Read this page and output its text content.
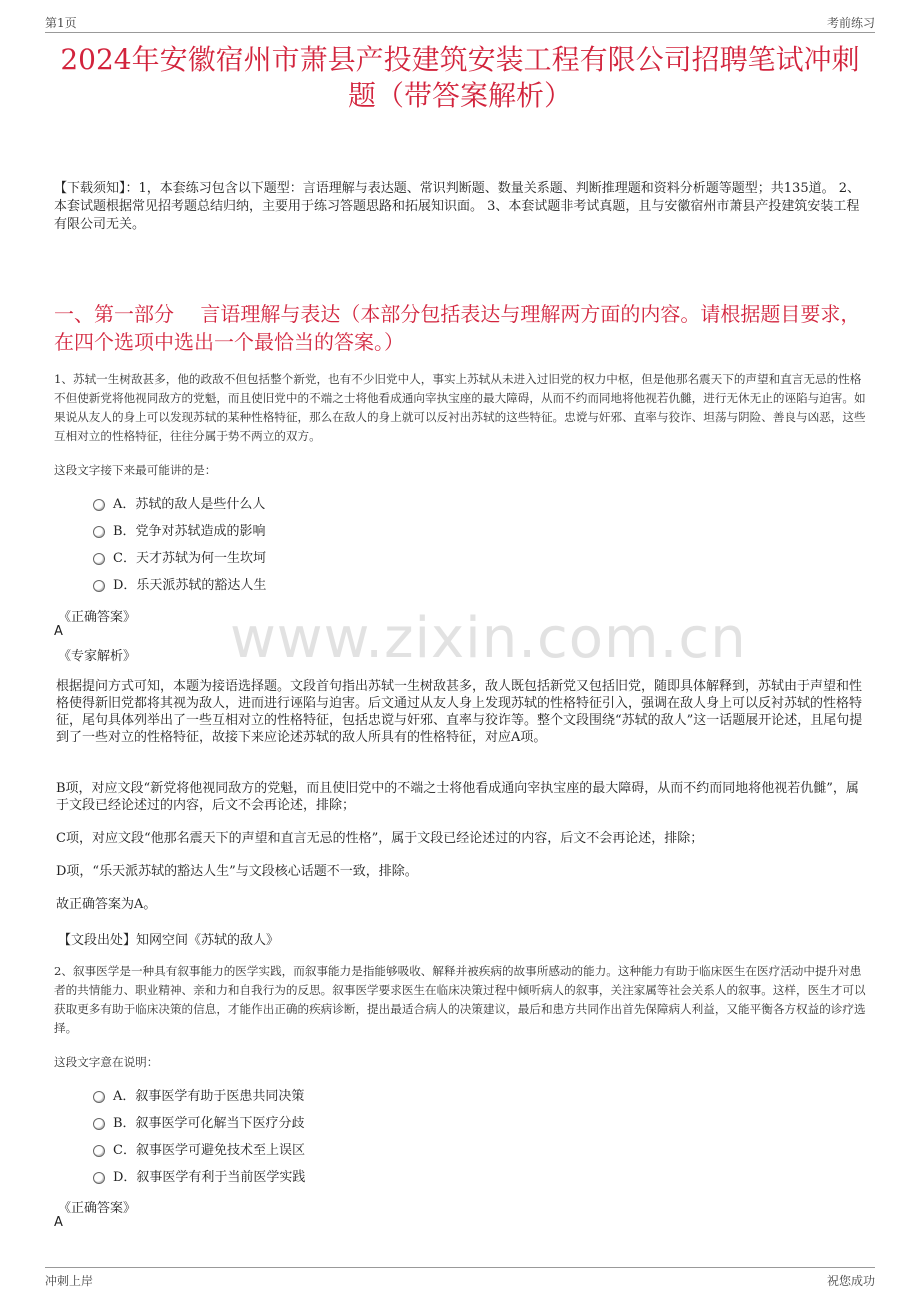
第1页	考前练习
2024年安徽宿州市萧县产投建筑安装工程有限公司招聘笔试冲刺题（带答案解析）
【下载须知】：1，本套练习包含以下题型：言语理解与表达题、常识判断题、数量关系题、判断推理题和资料分析题等题型；共135道。 2、本套试题根据常见招考题总结归纳，主要用于练习答题思路和拓展知识面。 3、本套试题非考试真题，且与安徽宿州市萧县产投建筑安装工程有限公司无关。
一、第一部分　 言语理解与表达（本部分包括表达与理解两方面的内容。请根据题目要求，在四个选项中选出一个最恰当的答案。）
1、苏轼一生树敌甚多，他的政敌不但包括整个新党，也有不少旧党中人，事实上苏轼从未进入过旧党的权力中枢，但是他那名震天下的声望和直言无忌的性格不但使新党将他视同敌方的党魁，而且使旧党中的不端之士将他看成通向宰执宝座的最大障碍，从而不约而同地将他视若仇雠，进行无休无止的诬陷与迫害。如果说从友人的身上可以发现苏轼的某种性格特征，那么在敌人的身上就可以反衬出苏轼的这些特征。忠谠与奸邪、直率与狡诈、坦荡与阴险、善良与凶恶，这些互相对立的性格特征，往往分属于势不两立的双方。
这段文字接下来最可能讲的是：
A．苏轼的敌人是些什么人
B．党争对苏轼造成的影响
C．天才苏轼为何一生坎坷
D．乐天派苏轼的豁达人生
《正确答案》
A
《专家解析》
根据提问方式可知，本题为接语选择题。文段首句指出苏轼一生树敌甚多，敌人既包括新党又包括旧党，随即具体解释到，苏轼由于声望和性格使得新旧党都将其视为敌人，进而进行诬陷与迫害。后文通过从友人身上发现苏轼的性格特征引入，强调在敌人身上可以反衬苏轼的性格特征，尾句具体列举出了一些互相对立的性格特征，包括忠谠与奸邪、直率与狡诈等。整个文段围绕“苏轼的敌人”这一话题展开论述，且尾句提到了一些对立的性格特征，故接下来应论述苏轼的敌人所具有的性格特征，对应A项。
B项，对应文段“新党将他视同敌方的党魁，而且使旧党中的不端之士将他看成通向宰执宝座的最大障碍，从而不约而同地将他视若仇雠”，属于文段已经论述过的内容，后文不会再论述，排除；
C项，对应文段“他那名震天下的声望和直言无忌的性格”，属于文段已经论述过的内容，后文不会再论述，排除；
D项，“乐天派苏轼的豁达人生”与文段核心话题不一致，排除。
故正确答案为A。
【文段出处】知网空间《苏轼的敌人》
2、叙事医学是一种具有叙事能力的医学实践，而叙事能力是指能够吸收、解释并被疾病的故事所感动的能力。这种能力有助于临床医生在医疗活动中提升对患者的共情能力、职业精神、亲和力和自我行为的反思。叙事医学要求医生在临床决策过程中倾听病人的叙事，关注家属等社会关系人的叙事。这样，医生才可以获取更多有助于临床决策的信息，才能作出正确的疾病诊断，提出最适合病人的决策建议，最后和患方共同作出首先保障病人利益，又能平衡各方权益的诊疗选择。
这段文字意在说明：
A．叙事医学有助于医患共同决策
B．叙事医学可化解当下医疗分歧
C．叙事医学可避免技术至上误区
D．叙事医学有利于当前医学实践
《正确答案》
A
www.zixin.com.cn
冲刺上岸	祝您成功
